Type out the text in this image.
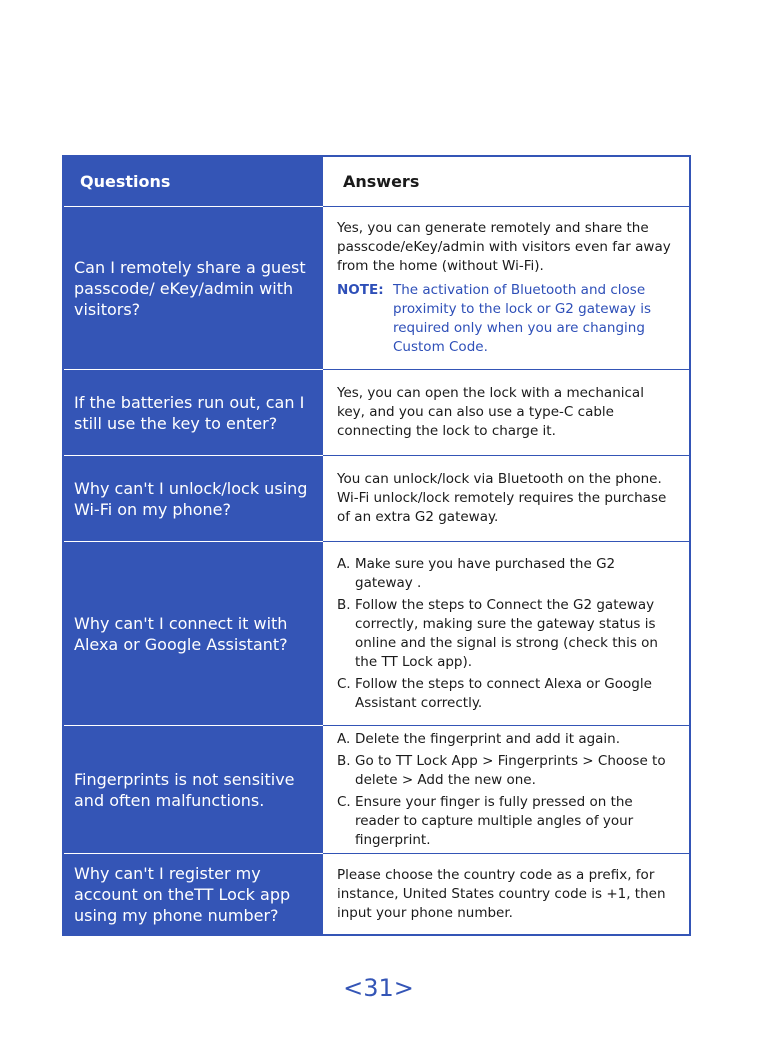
Questions	Answers
Can I remotely share a guest passcode/ eKey/admin with visitors?
Yes, you can generate remotely and share the passcode/eKey/admin with visitors even far away from the home (without Wi-Fi).
NOTE: The activation of Bluetooth and close proximity to the lock or G2 gateway is required only when you are changing Custom Code.
If the batteries run out, can I still use the key to enter?
Yes, you can open the lock with a mechanical key, and you can also use a type-C cable connecting the lock to charge it.
Why can't I unlock/lock using Wi-Fi on my phone?
You can unlock/lock via Bluetooth on the phone. Wi-Fi unlock/lock remotely requires the purchase of an extra G2 gateway.
Why can't I connect it with Alexa or Google Assistant?
A. Make sure you have purchased the G2 gateway .
B. Follow the steps to Connect the G2 gateway correctly, making sure the gateway status is online and the signal is strong (check this on the TT Lock app).
C. Follow the steps to connect Alexa or Google Assistant correctly.
Fingerprints is not sensitive and often malfunctions.
A. Delete the fingerprint and add it again.
B. Go to TT Lock App > Fingerprints > Choose to delete > Add the new one.
C. Ensure your finger is fully pressed on the reader to capture multiple angles of your fingerprint.
Why can't I register my account on theTT Lock app using my phone number?
Please choose the country code as a prefix, for instance, United States country code is +1, then input your phone number.
<31>
